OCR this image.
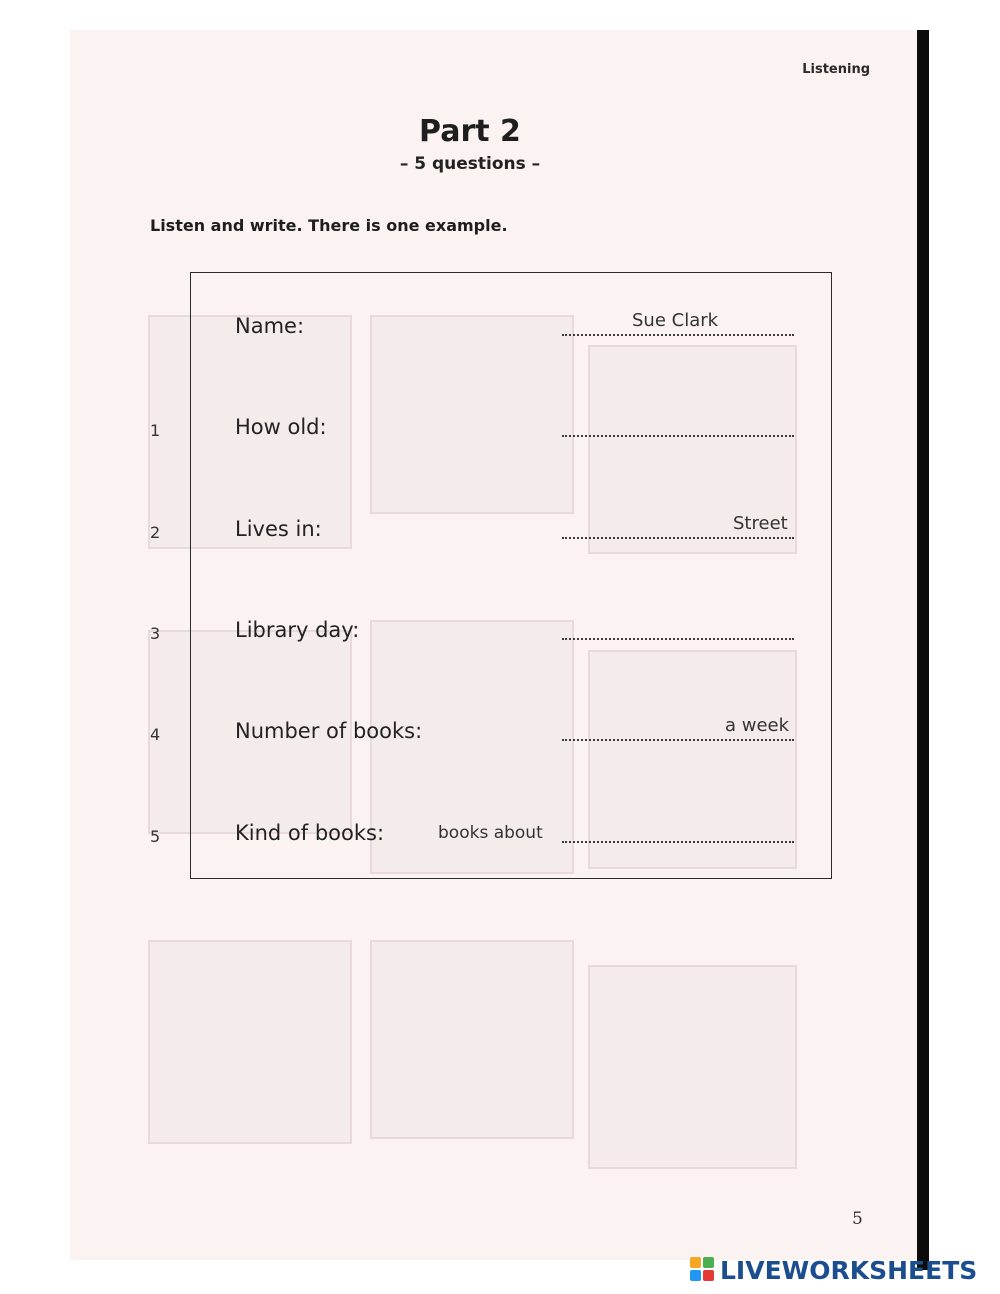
Listening
Part 2
– 5 questions –
Listen and write. There is one example.
Name:	Sue Clark
1	How old:
2	Lives in:	Street
3	Library day:
4	Number of books:	a week
5	Kind of books:	books about
5
LIVEWORKSHEETS
